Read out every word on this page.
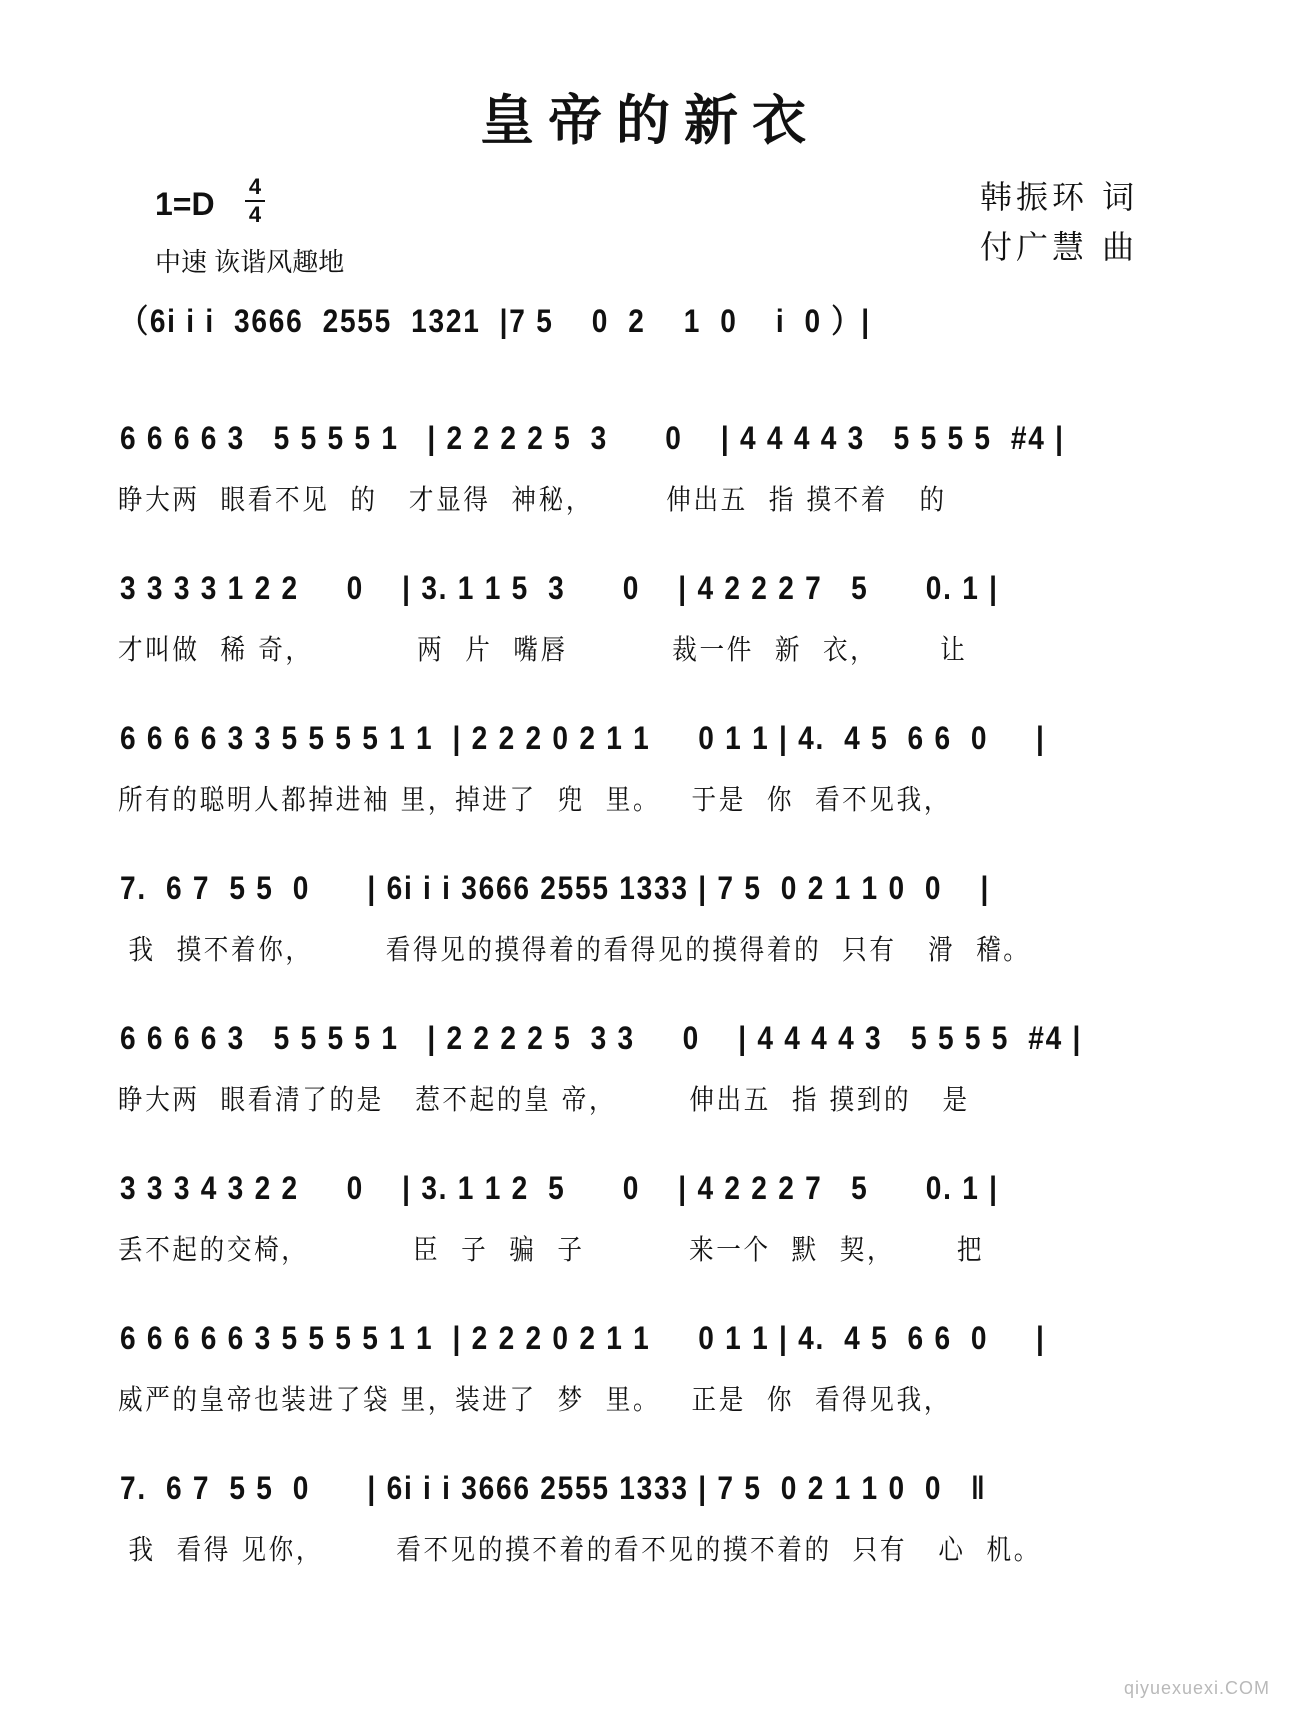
皇帝的新衣
1=D 4
4
中速 诙谐风趣地
韩振环 词
付广慧 曲
（6i i i  3666  2555  1321  |7 5    0  2    1  0    i  0 ）|
6 6 6 6 3   5 5 5 5 1   | 2 2 2 2 5  3      0    | 4 4 4 4 3   5 5 5 5  #4 |
睁大两  眼看不见  的   才显得  神秘，       伸出五  指 摸不着   的
3 3 3 3 1 2 2     0    | 3. 1 1 5  3      0    | 4 2 2 2 7   5      0. 1 |
才叫做  稀 奇，          两  片  嘴唇          裁一件  新  衣，      让
6 6 6 6 3 3 5 5 5 5 1 1  | 2 2 2 0 2 1 1     0 1 1 | 4.  4 5  6 6  0     |
所有的聪明人都掉进袖 里，掉进了  兜  里。   于是  你  看不见我，
7.  6 7  5 5  0      | 6i i i 3666 2555 1333 | 7 5  0 2 1 1 0  0    |
我  摸不着你，       看得见的摸得着的看得见的摸得着的  只有   滑  稽。
6 6 6 6 3   5 5 5 5 1   | 2 2 2 2 5  3 3     0    | 4 4 4 4 3   5 5 5 5  #4 |
睁大两  眼看清了的是   惹不起的皇 帝，       伸出五  指 摸到的   是
3 3 3 4 3 2 2     0    | 3. 1 1 2  5      0    | 4 2 2 2 7   5      0. 1 |
丢不起的交椅，          臣  子  骗  子          来一个  默  契，      把
6 6 6 6 6 3 5 5 5 5 1 1  | 2 2 2 0 2 1 1     0 1 1 | 4.  4 5  6 6  0     |
威严的皇帝也装进了袋 里，装进了  梦  里。   正是  你  看得见我，
7.  6 7  5 5  0      | 6i i i 3666 2555 1333 | 7 5  0 2 1 1 0  0   ‖
我  看得 见你，       看不见的摸不着的看不见的摸不着的  只有   心  机。
qiyuexuexi.COM
